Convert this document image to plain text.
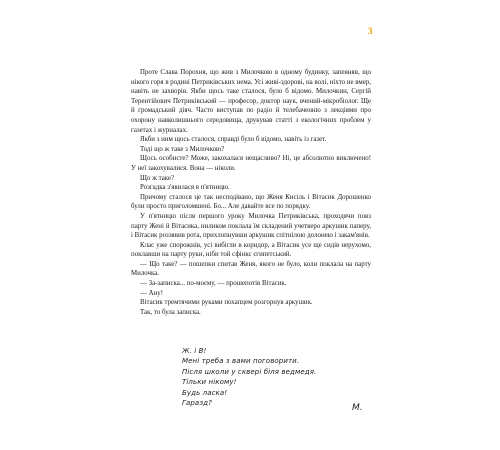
3

Проте Слава Порохня, що жив з Милочкою в одному будинку, запевняв, що нікого горя в родині Петриківських нема. Усі живі-здорові, на волі, ніхто не вмер, навіть не захворів. Якби щось таке сталося, було б відомо. Милочкин, Сергій Терентійович Петриківський — професор, доктор наук, вчений-мікробіолог. Ще й громадський діяч. Часто виступав по радіо й телебаченню з лекціями про охорону навколишнього середовища, друкував статті з екологічних проблем у газетах і журналах.

Якби з ним щось сталося, справді було б відомо, навіть із газет.

Тоді що ж таке з Милочкою?

Щось особисте? Може, закохалася нещасливо? Ні, це абсолютно виключено! У неї закохувалися. Вона — ніколи.

Що ж таке?

Розгадка з'явилася в п'ятницю.

Причому сталося це так несподівано, що Женя Кисіль і Вітасик Дорошенко були просто приголомшені. Бо... Але давайте все по порядку.

У п'ятницю після першого уроку Милочка Петриківська, проходячи повз парту Жені й Вітасика, ниликом поклала їм складений учетверо аркушик паперу, і Вітасик роззявив рота, прихлопнувши аркушик спітнілою долонею і закам'янів.

Клас уже спорожнів, усі вибігли в коридор, а Вітасик усе ще сидів нерухомо, поклавши на парту руки, ніби той сфінкс єгипетський.

— Що таке? — пошепки спитав Женя, якого не було, коли поклала на парту Милочка.

— За-записка... по-моєму, — прошепотів Вітасик.

— Ану!

Вітасик тремтячими руками похапцем розгорнув аркушик.

Так, то була записка.

Ж. і В!
Мені треба з вами поговорити.
Після школи у сквері біля ведмедя.
Тільки нікому!
Будь ласка!
Гаразд?	М.
